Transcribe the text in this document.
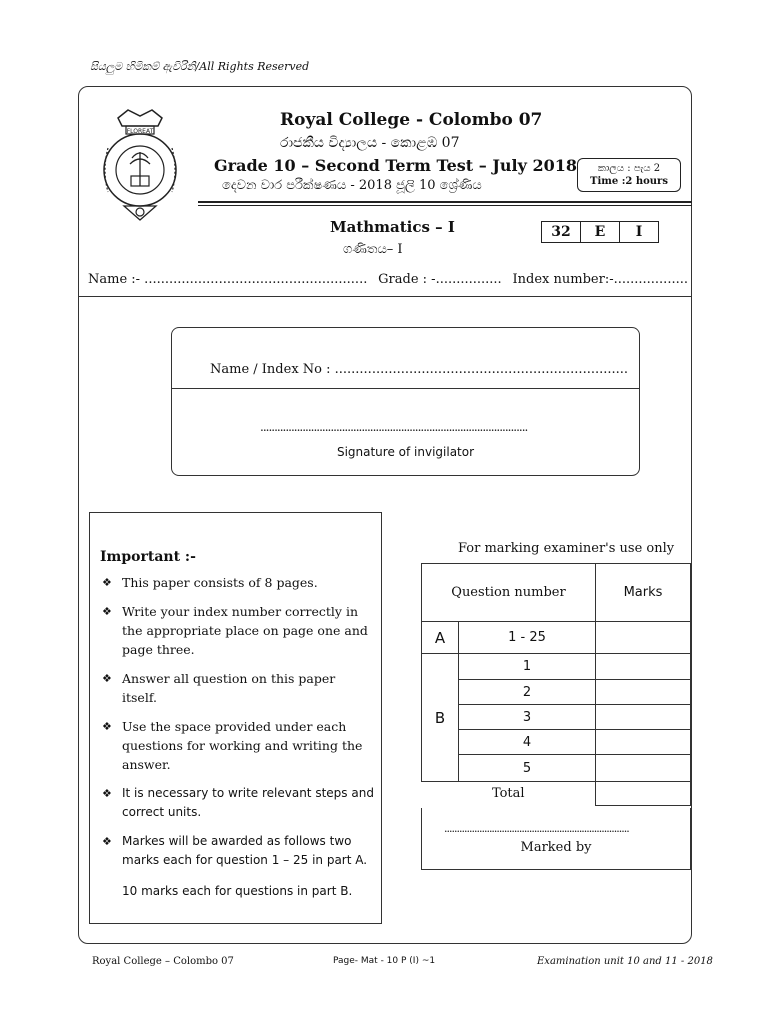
සියලුම හිමිකම් ඇවිරිනි/All Rights Reserved
FLOREAT
Royal College - Colombo 07
රාජකීය විද්‍යාලය - කොළඹ 07
Grade 10 – Second Term Test – July 2018
දෙවන වාර පරීක්ෂණය - 2018 ජූලි 10 ශ්‍රේණිය
කාලය : පැය 2
Time :2 hours
Mathmatics – I
ගණිතය– I
32	E	I
Name :- ...................................................... Grade : -................ Index number:-..................
Name / Index No : .......................................................................
...............................................................................................
Signature of invigilator
Important :-
❖ This paper consists of 8 pages.
❖ Write your index number correctly in the appropriate place on page one and page three.
❖ Answer all question on this paper itself.
❖ Use the space provided under each questions for working and writing the answer.
❖ It is necessary to write relevant steps and correct units.
❖ Markes will be awarded as follows two marks each for question 1 – 25 in part A.
10 marks each for questions in part B.
For marking examiner's use only
Question number		Marks
A	1 - 25	
B	1	
	2	
	3	
	4	
	5	
Total		
..........................................................................
Marked by
Royal College – Colombo 07	Page- Mat - 10 P (I) ~1	Examination unit 10 and 11 - 2018
